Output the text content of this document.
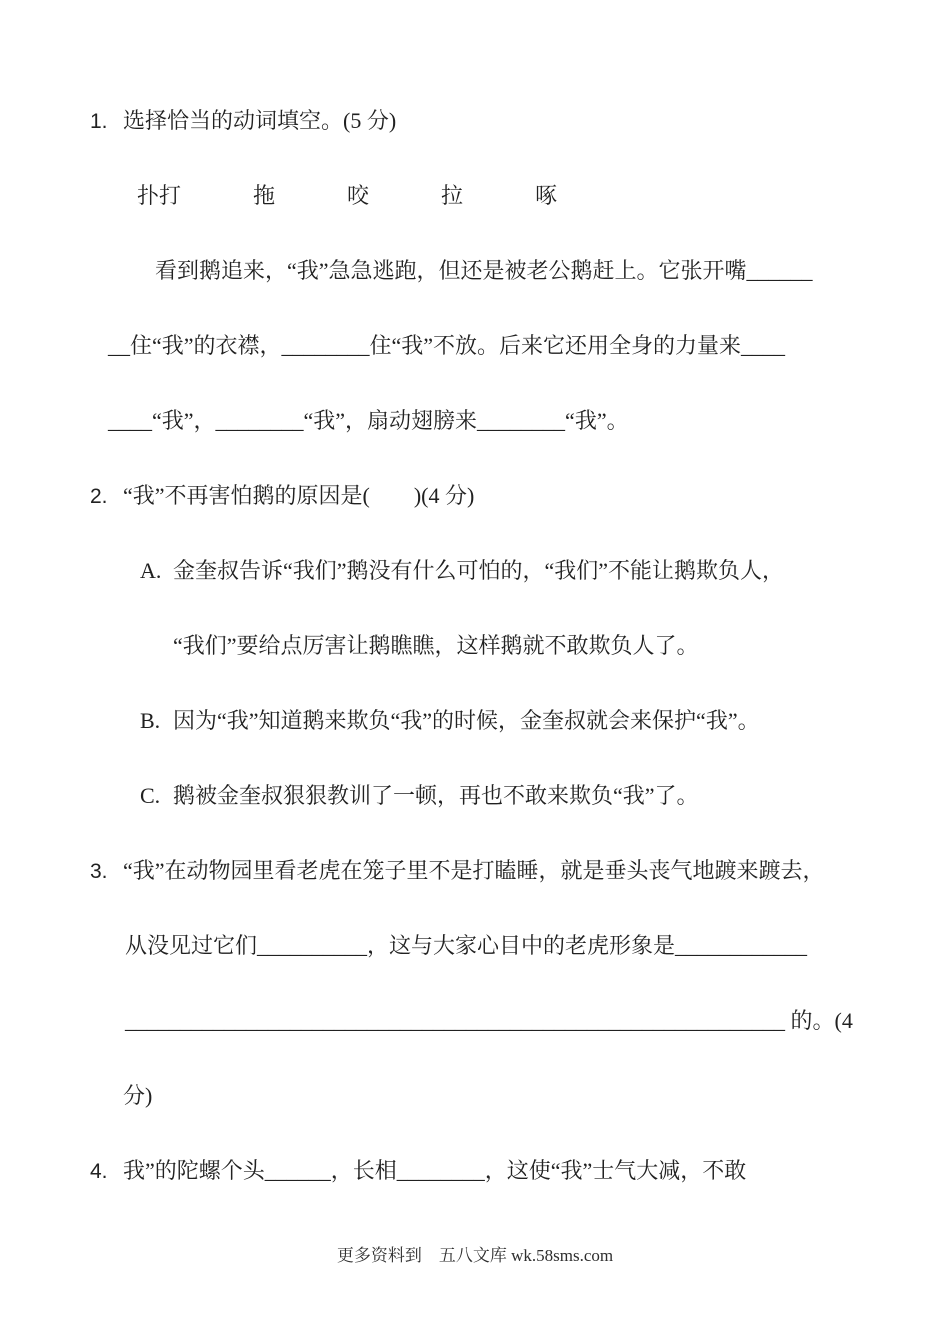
1. 选择恰当的动词填空。(5 分)
扑打	拖	咬	拉	啄
看到鹅追来，“我”急急逃跑，但还是被老公鹅赶上。它张开嘴______
__住“我”的衣襟，________住“我”不放。后来它还用全身的力量来____
____“我”，________“我”，扇动翅膀来________“我”。
2. “我”不再害怕鹅的原因是(　　)(4 分)
A. 金奎叔告诉“我们”鹅没有什么可怕的，“我们”不能让鹅欺负人，
“我们”要给点厉害让鹅瞧瞧，这样鹅就不敢欺负人了。
B. 因为“我”知道鹅来欺负“我”的时候，金奎叔就会来保护“我”。
C. 鹅被金奎叔狠狠教训了一顿，再也不敢来欺负“我”了。
3. “我”在动物园里看老虎在笼子里不是打瞌睡，就是垂头丧气地踱来踱去，
从没见过它们__________，这与大家心目中的老虎形象是____________
____________________________________________________________ 的。(4
分)
4. 我”的陀螺个头______，长相________，这使“我”士气大减，不敢
更多资料到　五八文库 wk.58sms.com
